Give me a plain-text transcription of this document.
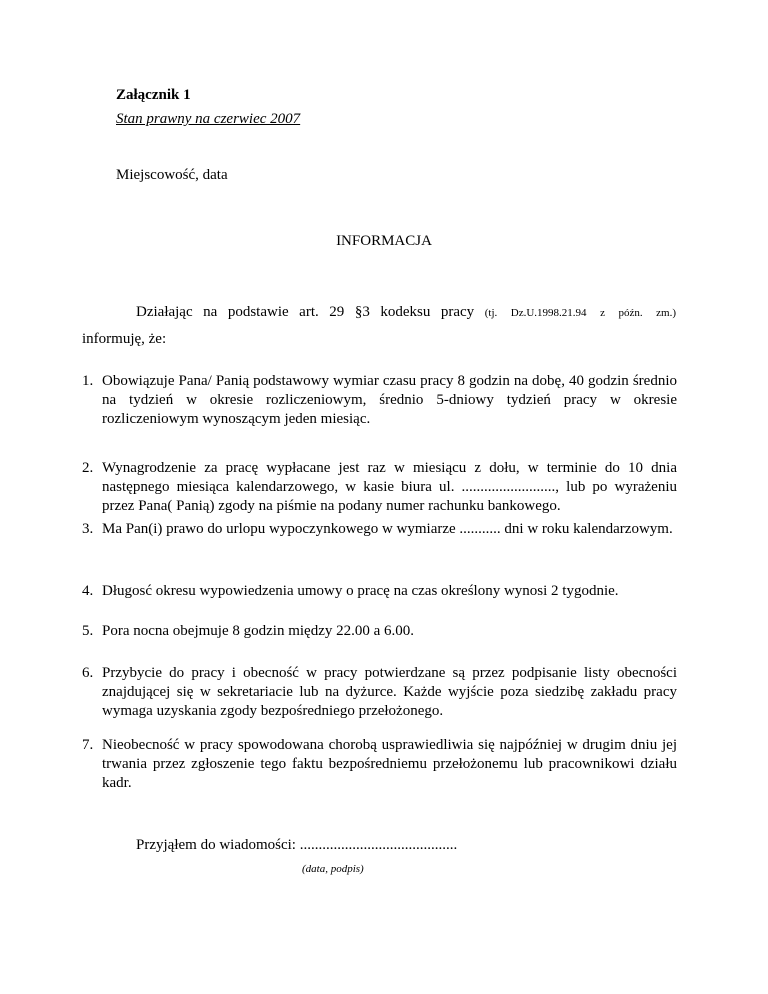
Załącznik 1

Stan prawny na czerwiec 2007

Miejscowość, data

INFORMACJA

Działając na podstawie art. 29 §3 kodeksu pracy (tj. Dz.U.1998.21.94 z późn. zm.)

informuję, że:

1. Obowiązuje Pana/ Panią podstawowy wymiar czasu pracy 8 godzin na dobę, 40 godzin średnio na tydzień w okresie rozliczeniowym, średnio 5-dniowy tydzień pracy w okresie rozliczeniowym wynoszącym jeden miesiąc.
2. Wynagrodzenie za pracę wypłacane jest raz w miesiącu z dołu, w terminie do 10 dnia następnego miesiąca kalendarzowego, w kasie biura ul. ........................., lub po wyrażeniu przez Pana( Panią) zgody na piśmie na podany numer rachunku bankowego.
3. Ma Pan(i) prawo do urlopu wypoczynkowego w wymiarze ........... dni w roku kalendarzowym.
4. Długosć okresu wypowiedzenia umowy o pracę na czas określony wynosi 2 tygodnie.
5. Pora nocna obejmuje 8 godzin między 22.00 a 6.00.
6. Przybycie do pracy i obecność w pracy potwierdzane są przez podpisanie listy obecności znajdującej się w sekretariacie lub na dyżurce. Każde wyjście poza siedzibę zakładu pracy wymaga uzyskania zgody bezpośredniego przełożonego.
7. Nieobecność w pracy spowodowana chorobą usprawiedliwia się najpóźniej w drugim dniu jej trwania przez zgłoszenie tego faktu bezpośredniemu przełożonemu lub pracownikowi działu kadr.

Przyjąłem do wiadomości: ..........................................

(data, podpis)
